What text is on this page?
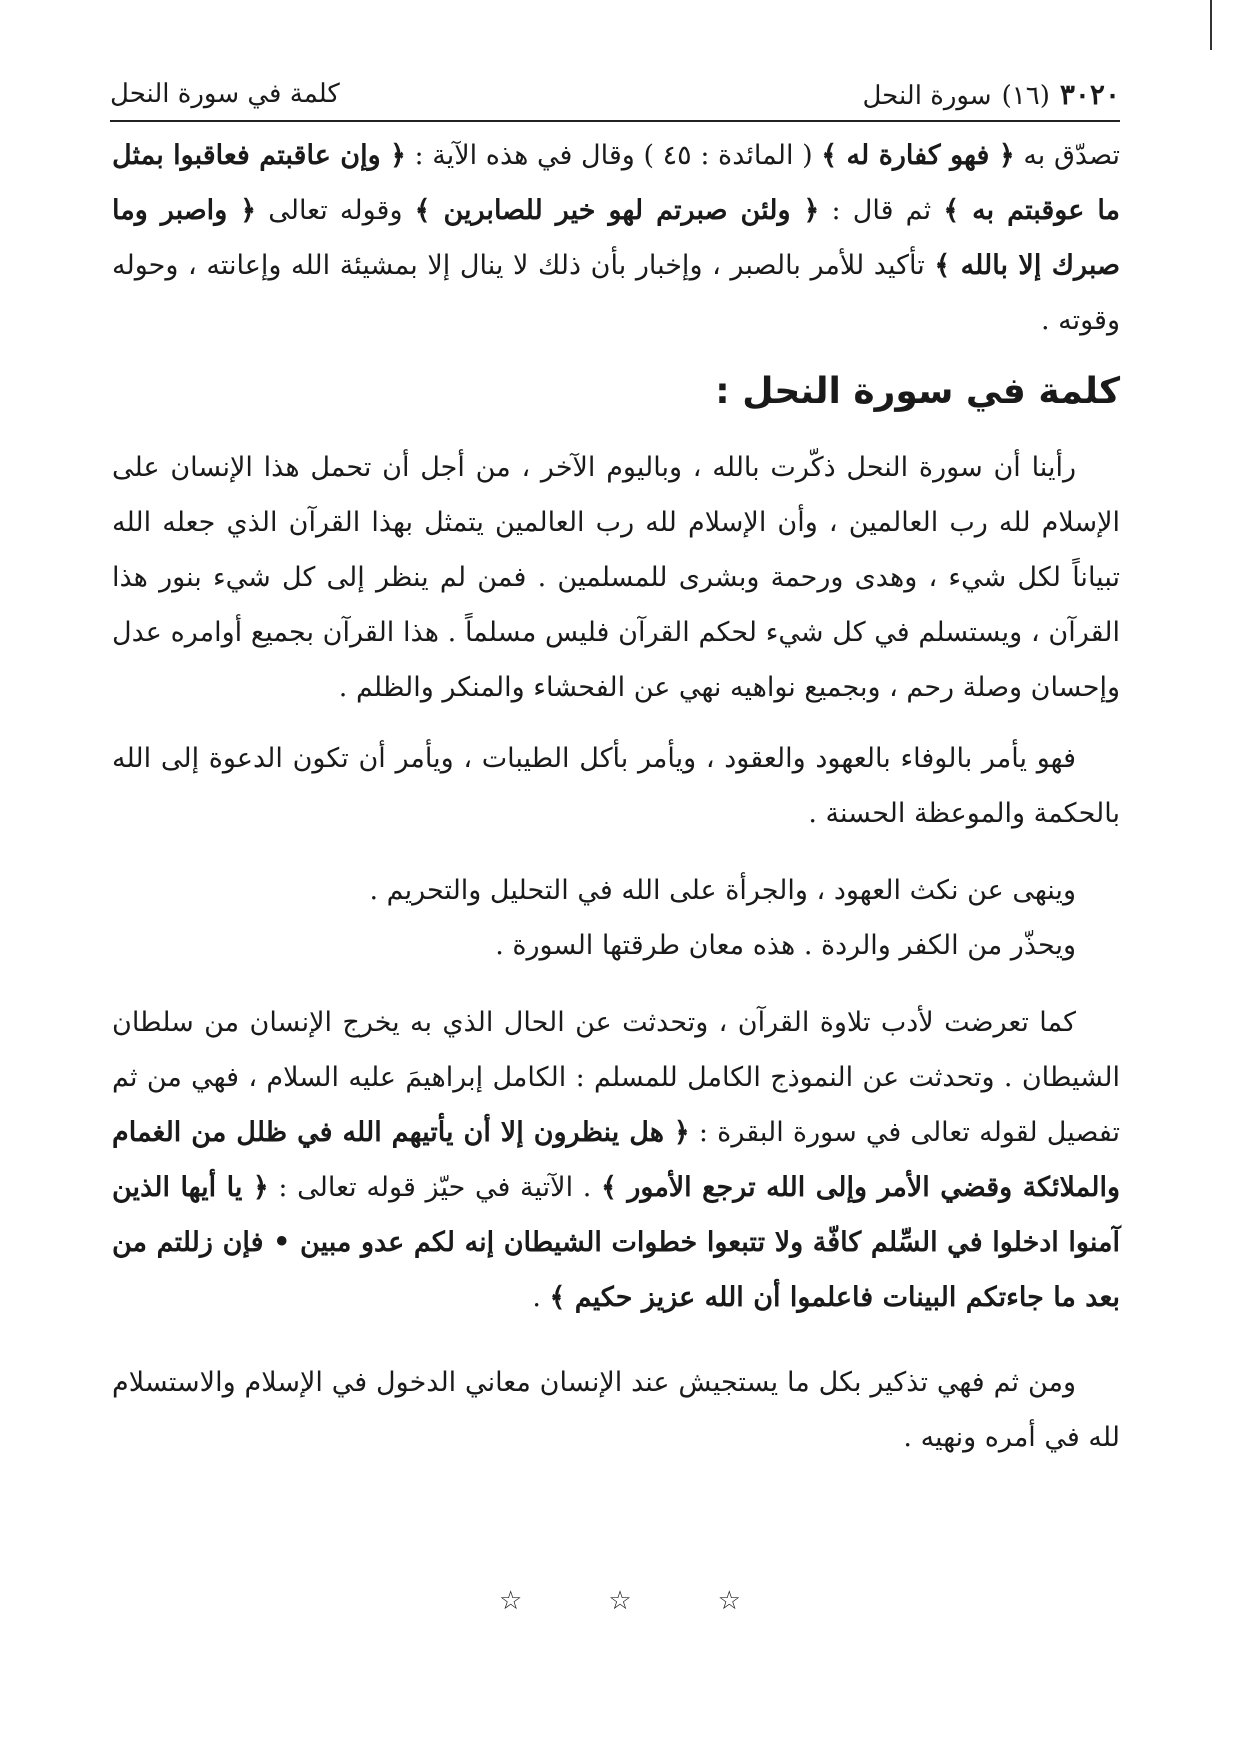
٣٠٢٠(١٦)سورة النحل
كلمة في سورة النحل

تصدّق به ﴿ فهو كفارة له ﴾ ( المائدة : ٤٥ ) وقال في هذه الآية : ﴿ وإن عاقبتم فعاقبوا بمثل ما عوقبتم به ﴾ ثم قال : ﴿ ولئن صبرتم لهو خير للصابرين ﴾ وقوله تعالى ﴿ واصبر وما صبرك إلا بالله ﴾ تأكيد للأمر بالصبر ، وإخبار بأن ذلك لا ينال إلا بمشيئة الله وإعانته ، وحوله وقوته .

كلمة في سورة النحل :

رأينا أن سورة النحل ذكّرت بالله ، وباليوم الآخر ، من أجل أن تحمل هذا الإنسان على الإسلام لله رب العالمين ، وأن الإسلام لله رب العالمين يتمثل بهذا القرآن الذي جعله الله تبياناً لكل شيء ، وهدى ورحمة وبشرى للمسلمين . فمن لم ينظر إلى كل شيء بنور هذا القرآن ، ويستسلم في كل شيء لحكم القرآن فليس مسلماً . هذا القرآن بجميع أوامره عدل وإحسان وصلة رحم ، وبجميع نواهيه نهي عن الفحشاء والمنكر والظلم .

فهو يأمر بالوفاء بالعهود والعقود ، ويأمر بأكل الطيبات ، ويأمر أن تكون الدعوة إلى الله بالحكمة والموعظة الحسنة .

وينهى عن نكث العهود ، والجرأة على الله في التحليل والتحريم .

ويحذّر من الكفر والردة . هذه معان طرقتها السورة .

كما تعرضت لأدب تلاوة القرآن ، وتحدثت عن الحال الذي به يخرج الإنسان من سلطان الشيطان . وتحدثت عن النموذج الكامل للمسلم : الكامل إبراهيمَ عليه السلام ، فهي من ثم تفصيل لقوله تعالى في سورة البقرة : ﴿ هل ينظرون إلا أن يأتيهم الله في ظلل من الغمام والملائكة وقضي الأمر وإلى الله ترجع الأمور ﴾ . الآتية في حيّز قوله تعالى : ﴿ يا أيها الذين آمنوا ادخلوا في السِّلم كافّة ولا تتبعوا خطوات الشيطان إنه لكم عدو مبين • فإن زللتم من بعد ما جاءتكم البينات فاعلموا أن الله عزيز حكيم ﴾ .

ومن ثم فهي تذكير بكل ما يستجيش عند الإنسان معاني الدخول في الإسلام والاستسلام لله في أمره ونهيه .

☆	☆	☆
